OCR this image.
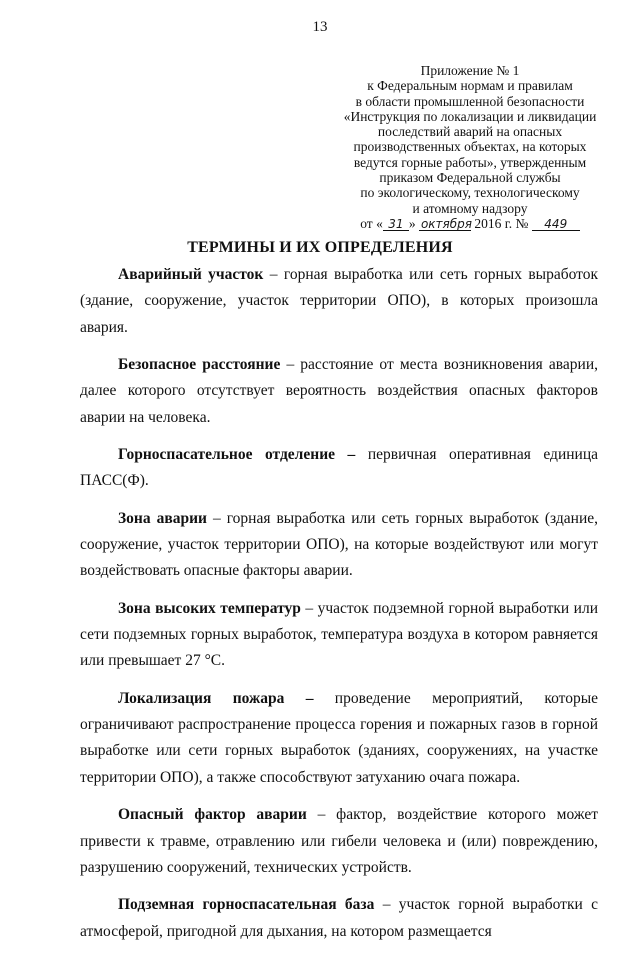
13
Приложение № 1
к Федеральным нормам и правилам
в области промышленной безопасности
«Инструкция по локализации и ликвидации
последствий аварий на опасных
производственных объектах, на которых
ведутся горные работы», утвержденным
приказом Федеральной службы
по экологическому, технологическому
и атомному надзору
от « 31 » октября 2016 г. № 449
ТЕРМИНЫ И ИХ ОПРЕДЕЛЕНИЯ

Аварийный участок – горная выработка или сеть горных выработок (здание, сооружение, участок территории ОПО), в которых произошла авария.

Безопасное расстояние – расстояние от места возникновения аварии, далее которого отсутствует вероятность воздействия опасных факторов аварии на человека.

Горноспасательное отделение – первичная оперативная единица ПАСС(Ф).

Зона аварии – горная выработка или сеть горных выработок (здание, сооружение, участок территории ОПО), на которые воздействуют или могут воздействовать опасные факторы аварии.

Зона высоких температур – участок подземной горной выработки или сети подземных горных выработок, температура воздуха в котором равняется или превышает 27 °С.

Локализация пожара – проведение мероприятий, которые ограничивают распространение процесса горения и пожарных газов в горной выработке или сети горных выработок (зданиях, сооружениях, на участке территории ОПО), а также способствуют затуханию очага пожара.

Опасный фактор аварии – фактор, воздействие которого может привести к травме, отравлению или гибели человека и (или) повреждению, разрушению сооружений, технических устройств.

Подземная горноспасательная база – участок горной выработки с атмосферой, пригодной для дыхания, на котором размещается
